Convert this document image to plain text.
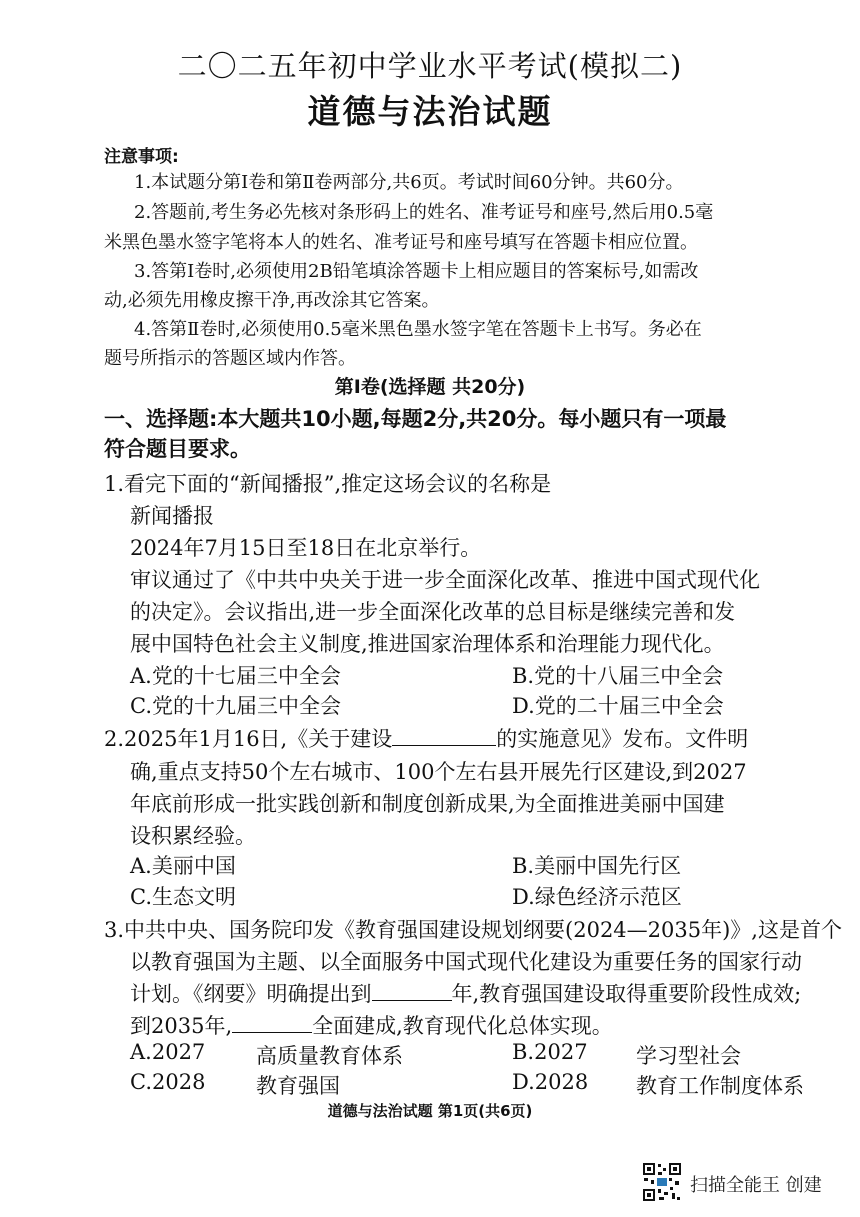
二〇二五年初中学业水平考试(模拟二)
道德与法治试题
注意事项:
1.本试题分第Ⅰ卷和第Ⅱ卷两部分,共6页。考试时间60分钟。共60分。
2.答题前,考生务必先核对条形码上的姓名、准考证号和座号,然后用0.5毫
米黑色墨水签字笔将本人的姓名、准考证号和座号填写在答题卡相应位置。
3.答第Ⅰ卷时,必须使用2B铅笔填涂答题卡上相应题目的答案标号,如需改
动,必须先用橡皮擦干净,再改涂其它答案。
4.答第Ⅱ卷时,必须使用0.5毫米黑色墨水签字笔在答题卡上书写。务必在
题号所指示的答题区域内作答。
第Ⅰ卷(选择题 共20分)
一、选择题:本大题共10小题,每题2分,共20分。每小题只有一项最
符合题目要求。
1.看完下面的“新闻播报”,推定这场会议的名称是
新闻播报
2024年7月15日至18日在北京举行。
审议通过了《中共中央关于进一步全面深化改革、推进中国式现代化
的决定》。会议指出,进一步全面深化改革的总目标是继续完善和发
展中国特色社会主义制度,推进国家治理体系和治理能力现代化。
A.党的十七届三中全会	B.党的十八届三中全会
C.党的十九届三中全会	D.党的二十届三中全会
2.2025年1月16日,《关于建设	的实施意见》发布。文件明
确,重点支持50个左右城市、100个左右县开展先行区建设,到2027
年底前形成一批实践创新和制度创新成果,为全面推进美丽中国建
设积累经验。
A.美丽中国	B.美丽中国先行区
C.生态文明	D.绿色经济示范区
3.中共中央、国务院印发《教育强国建设规划纲要(2024—2035年)》,这是首个
以教育强国为主题、以全面服务中国式现代化建设为重要任务的国家行动
计划。《纲要》明确提出到	年,教育强国建设取得重要阶段性成效;
到2035年,	全面建成,教育现代化总体实现。
A.2027 高质量教育体系	B.2027 学习型社会
C.2028 教育强国	D.2028 教育工作制度体系
道德与法治试题 第1页(共6页)
扫描全能王 创建
